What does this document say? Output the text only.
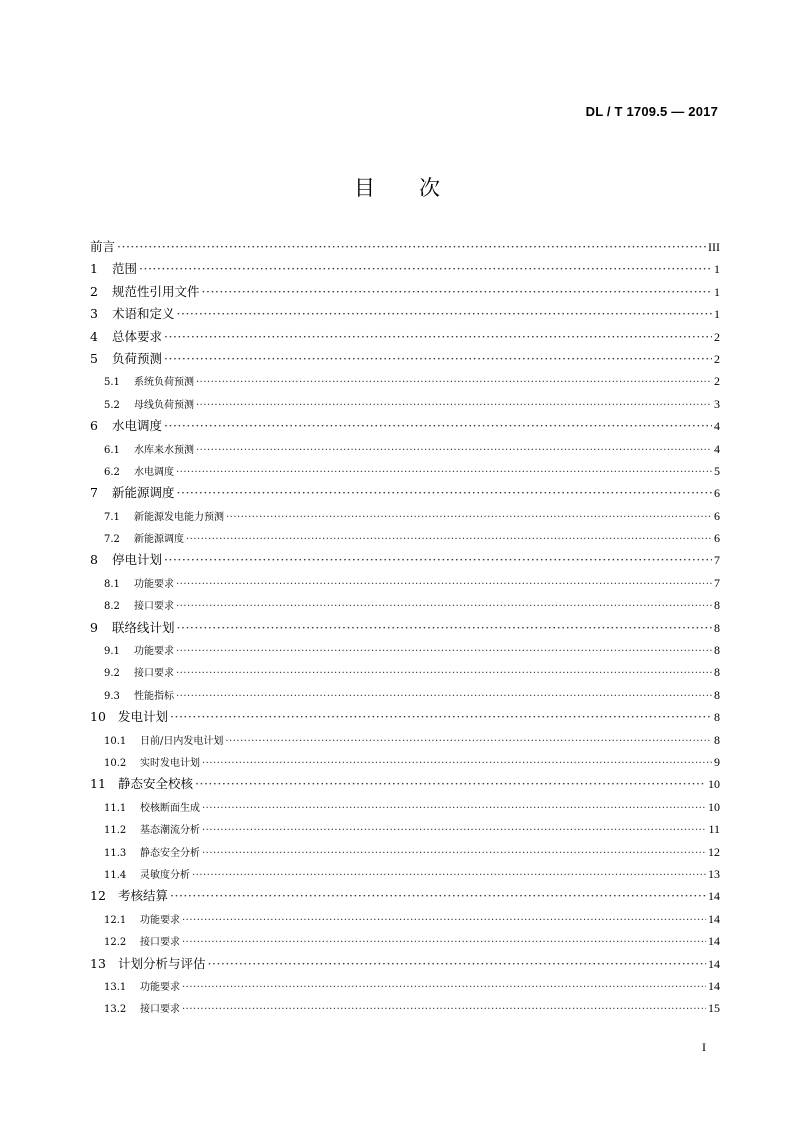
DL / T 1709.5 — 2017
目次
前言 ·····	III
1	范围 ·····	1
2	规范性引用文件 ·····	1
3	术语和定义 ·····	1
4	总体要求 ·····	2
5	负荷预测 ·····	2
5.1	系统负荷预测 ·····	2
5.2	母线负荷预测 ·····	3
6	水电调度 ·····	4
6.1	水库来水预测 ·····	4
6.2	水电调度 ·····	5
7	新能源调度 ·····	6
7.1	新能源发电能力预测 ·····	6
7.2	新能源调度 ·····	6
8	停电计划 ·····	7
8.1	功能要求 ·····	7
8.2	接口要求 ·····	8
9	联络线计划 ·····	8
9.1	功能要求 ·····	8
9.2	接口要求 ·····	8
9.3	性能指标 ·····	8
10 发电计划 ·····	8
10.1	日前/日内发电计划 ·····	8
10.2	实时发电计划 ·····	9
11 静态安全校核 ·····	10
11.1	校核断面生成 ·····	10
11.2	基态潮流分析 ·····	11
11.3	静态安全分析 ·····	12
11.4	灵敏度分析 ·····	13
12 考核结算 ·····	14
12.1	功能要求 ·····	14
12.2	接口要求 ·····	14
13 计划分析与评估 ·····	14
13.1	功能要求 ·····	14
13.2	接口要求 ·····	15
I
